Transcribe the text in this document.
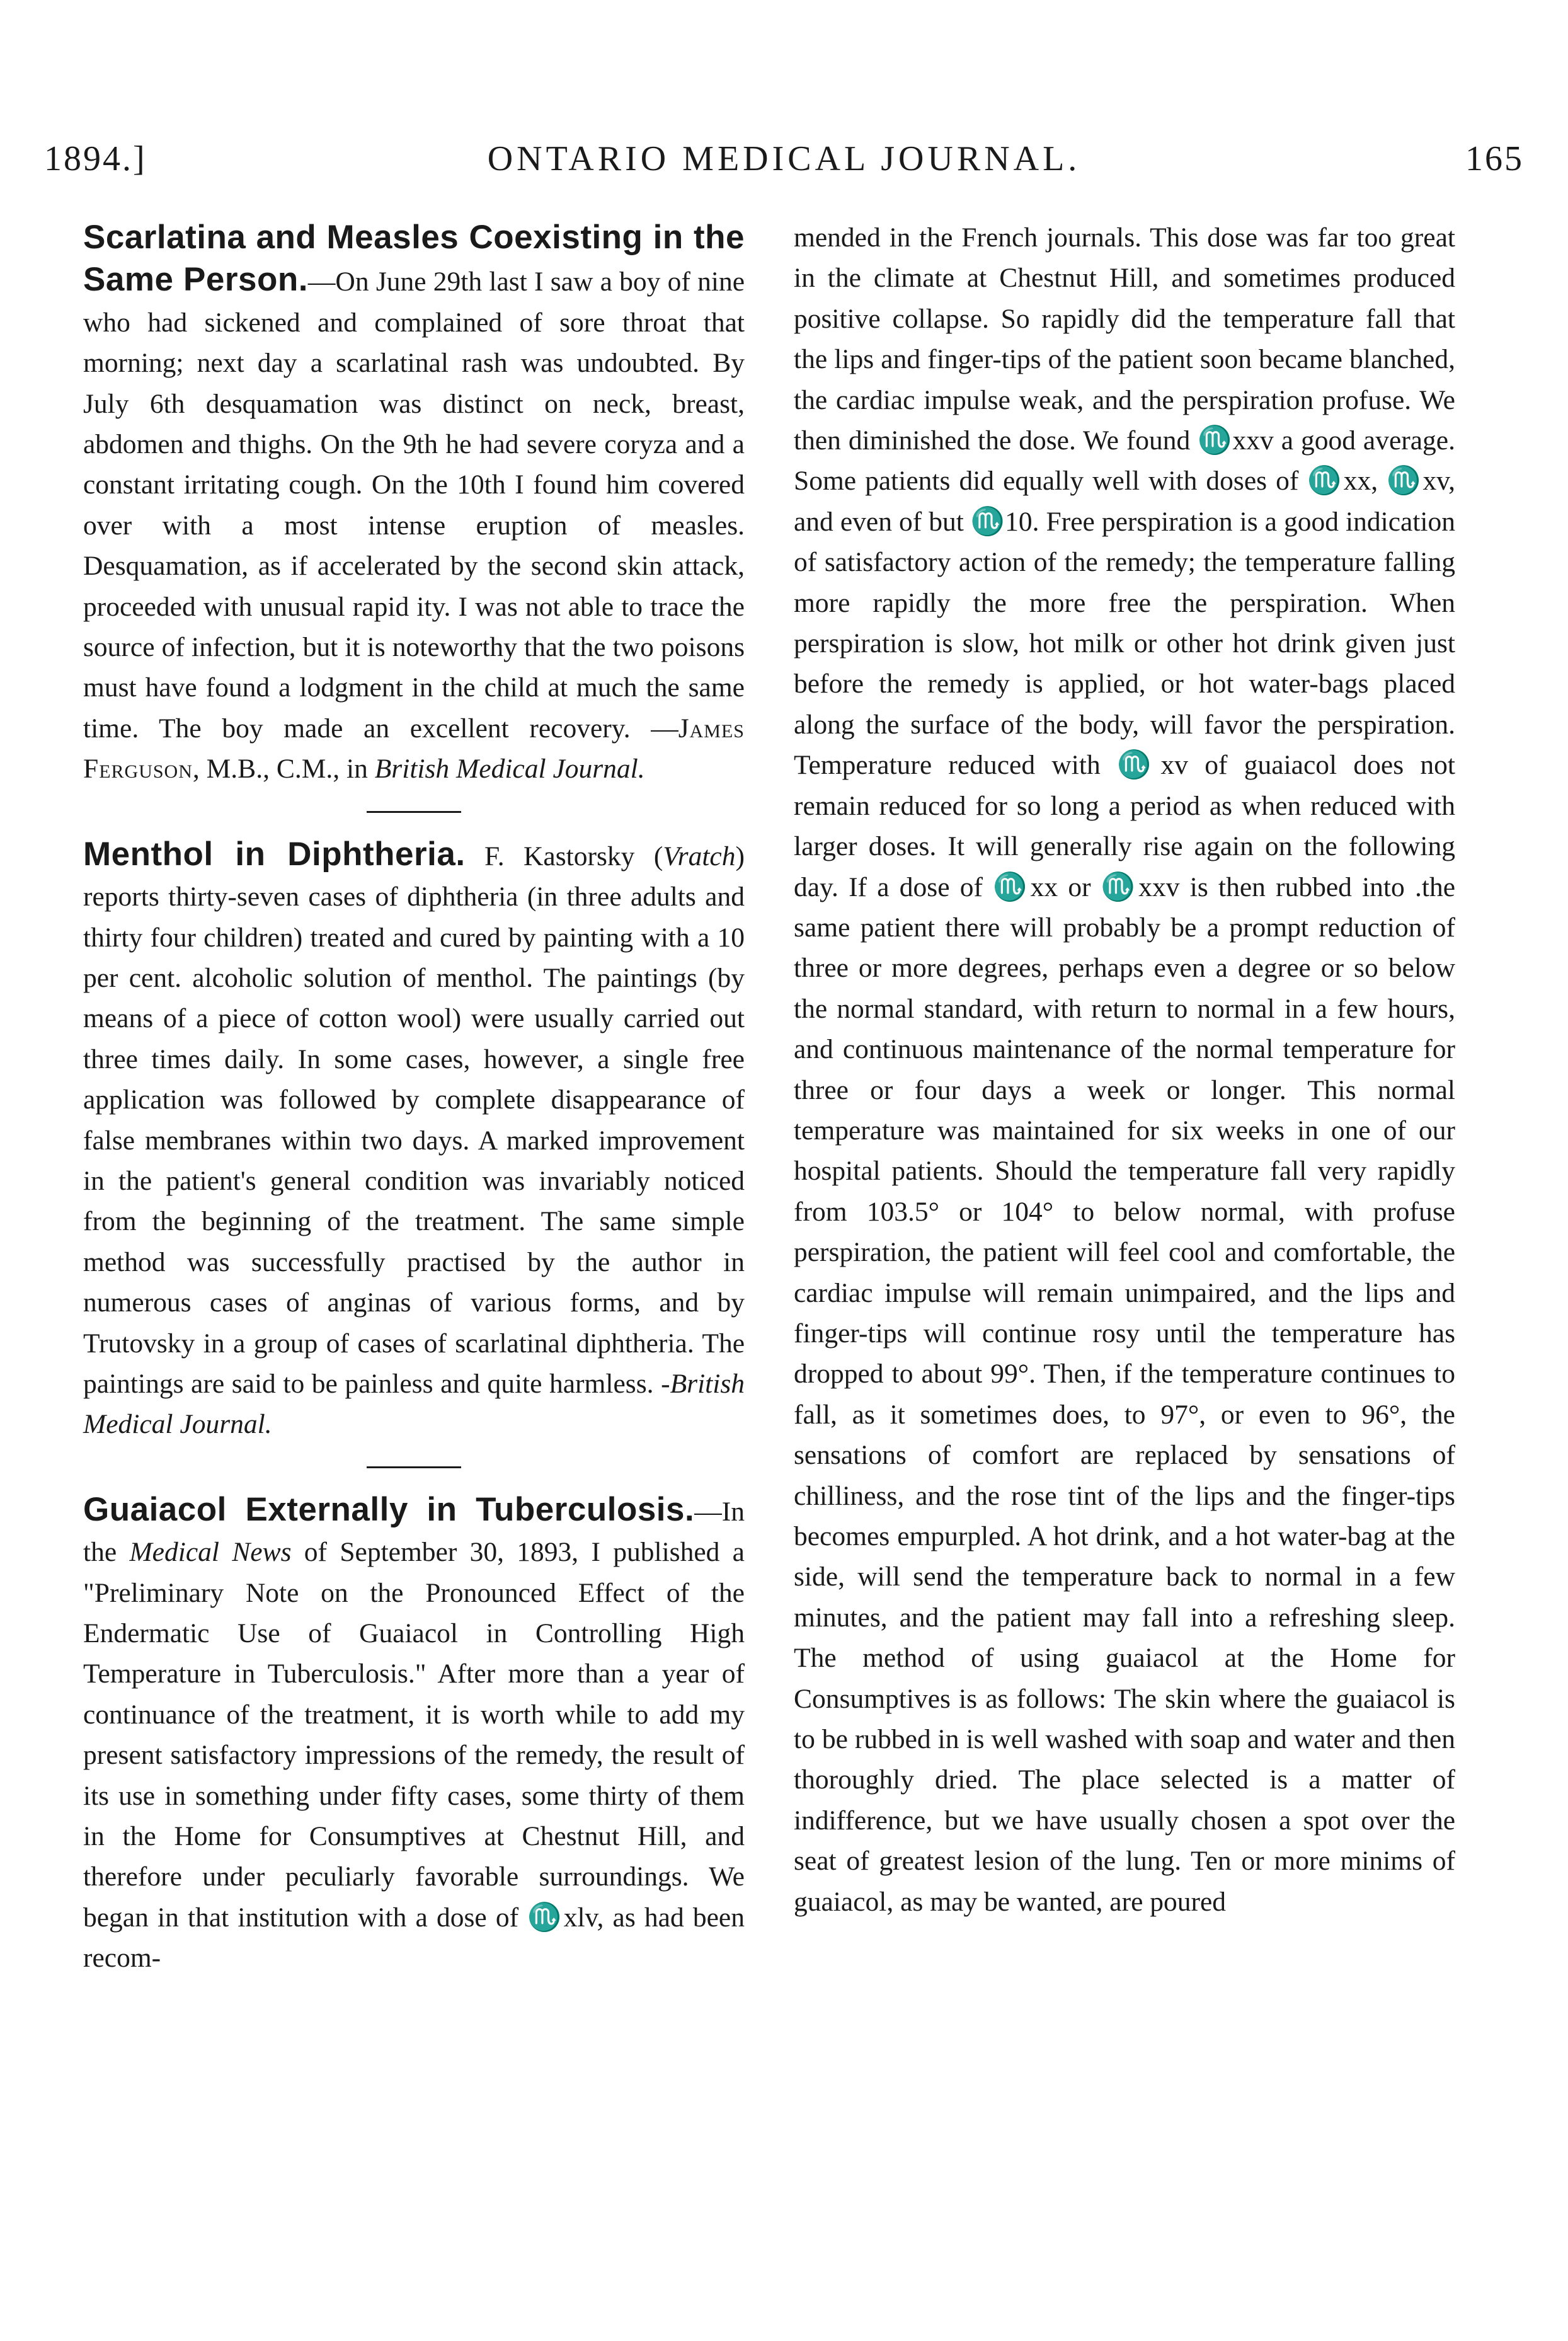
1894.]	ONTARIO MEDICAL JOURNAL.	165

Scarlatina and Measles Coexisting in the Same Person.—On June 29th last I saw a boy of nine who had sickened and complained of sore throat that morning; next day a scarlatinal rash was undoubted. By July 6th desquamation was distinct on neck, breast, abdomen and thighs. On the 9th he had severe coryza and a constant irritating cough. On the 10th I found him covered over with a most intense eruption of measles. Desquamation, as if accelerated by the second skin attack, proceeded with unusual rapid ity. I was not able to trace the source of infection, but it is noteworthy that the two poisons must have found a lodgment in the child at much the same time. The boy made an excellent recovery. —James Ferguson, M.B., C.M., in British Medical Journal.

Menthol in Diphtheria. F. Kastorsky (Vratch) reports thirty-seven cases of diphtheria (in three adults and thirty four children) treated and cured by painting with a 10 per cent. alcoholic solution of menthol. The paintings (by means of a piece of cotton wool) were usually carried out three times daily. In some cases, however, a single free application was followed by complete disappearance of false membranes within two days. A marked improvement in the patient's general condition was invariably noticed from the beginning of the treatment. The same simple method was successfully practised by the author in numerous cases of anginas of various forms, and by Trutovsky in a group of cases of scarlatinal diphtheria. The paintings are said to be painless and quite harmless. -British Medical Journal.

Guaiacol Externally in Tuberculosis.—In the Medical News of September 30, 1893, I published a "Preliminary Note on the Pronounced Effect of the Endermatic Use of Guaiacol in Controlling High Temperature in Tuberculosis." After more than a year of continuance of the treatment, it is worth while to add my present satisfactory impressions of the remedy, the result of its use in something under fifty cases, some thirty of them in the Home for Consumptives at Chestnut Hill, and therefore under peculiarly favorable surroundings. We began in that institution with a dose of ♏xlv, as had been recom-

mended in the French journals. This dose was far too great in the climate at Chestnut Hill, and sometimes produced positive collapse. So rapidly did the temperature fall that the lips and finger-tips of the patient soon became blanched, the cardiac impulse weak, and the perspiration profuse. We then diminished the dose. We found ♏xxv a good average. Some patients did equally well with doses of ♏xx, ♏xv, and even of but ♏10. Free perspiration is a good indication of satisfactory action of the remedy; the temperature falling more rapidly the more free the perspiration. When perspiration is slow, hot milk or other hot drink given just before the remedy is applied, or hot water-bags placed along the surface of the body, will favor the perspiration. Temperature reduced with ♏xv of guaiacol does not remain reduced for so long a period as when reduced with larger doses. It will generally rise again on the following day. If a dose of ♏xx or ♏xxv is then rubbed into .the same patient there will probably be a prompt reduction of three or more degrees, perhaps even a degree or so below the normal standard, with return to normal in a few hours, and continuous maintenance of the normal temperature for three or four days a week or longer. This normal temperature was maintained for six weeks in one of our hospital patients. Should the temperature fall very rapidly from 103.5° or 104° to below normal, with profuse perspiration, the patient will feel cool and comfortable, the cardiac impulse will remain unimpaired, and the lips and finger-tips will continue rosy until the temperature has dropped to about 99°. Then, if the temperature continues to fall, as it sometimes does, to 97°, or even to 96°, the sensations of comfort are replaced by sensations of chilliness, and the rose tint of the lips and the finger-tips becomes empurpled. A hot drink, and a hot water-bag at the side, will send the temperature back to normal in a few minutes, and the patient may fall into a refreshing sleep. The method of using guaiacol at the Home for Consumptives is as follows: The skin where the guaiacol is to be rubbed in is well washed with soap and water and then thoroughly dried. The place selected is a matter of indifference, but we have usually chosen a spot over the seat of greatest lesion of the lung. Ten or more minims of guaiacol, as may be wanted, are poured
